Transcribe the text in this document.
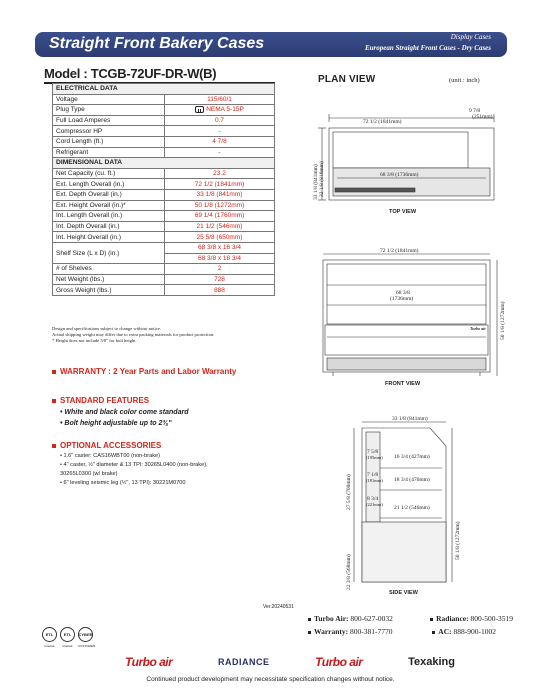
Straight Front Bakery Cases	Display Cases
European Straight Front Cases - Dry Cases
Model : TCGB-72UF-DR-W(B)
ELECTRICAL DATA	
Voltage	115/60/1
Plug Type	NEMA 5-15P
Full Load Amperes	0.7
Compressor HP	-
Cord Length (ft.)	4 7/8
Refrigerant	-
DIMENSIONAL DATA	
Net Capacity (cu. ft.)	23.2
Ext. Length Overall (in.)	72 1/2 (1841mm)
Ext. Depth Overall (in.)	33 1/8 (841mm)
Ext. Height Overall (in.)*	50 1/8 (1272mm)
Int. Length Overall (in.)	69 1/4 (1760mm)
Int. Depth Overall (in.)	21 1/2 (546mm)
Int. Height Overall (in.)	25 5/8 (650mm)
Shelf Size (L x D) (in.)	68 3/8 x 16 3/4
	68 3/8 x 18 3/4
# of Shelves	2
Net Weight (lbs.)	728
Gross Weight (lbs.)	888
Design and specifications subject to change without notice.
Actual shipping weight may differ due to extra packing materials for product protection.
* Height does not include 5/8" for bolt height.
WARRANTY : 2 Year Parts and Labor Warranty
STANDARD FEATURES
• White and black color come standard
• Bolt height adjustable up to 2⅜"
OPTIONAL ACCESSORIES
• 1.6" caster: CAS16WBT00 (non-brake)
• 4" caster, ½" diameter & 13 TPI: 30265L0400 (non-brake),
30265L0300 (w/ brake)
• 6" leveling seismic leg (½", 13 TPI): 30221M0700
PLAN VIEW	(unit : inch)
72 1/2 (1841mm)
9 7/8
(251mm)
68 3/8 (1736mm)
33 1/8 (841mm) 32 1/8 (816mm)
72 1/2 (1841mm)
68 3/8
(1736mm)
Turbo air	50 1/8 (1272mm)
33 1/8 (841mm)
7 5/8
(195mm) 16 3/4 (427mm)
7 1/8
(181mm) 18 3/4 (476mm)
8 3/4
(221mm)
21 1/2 (546mm)
27 5/8 (700mm)
22 3/8 (568mm)
50 1/8 (1272mm)
TOP VIEW
FRONT VIEW
SIDE VIEW
Ver.20240531
ETL	ETL	CYBER
Intertek	Intertek	CUSTOMER
Turbo Air: 800-627-0032	Radiance: 800-500-3519
Warranty: 800-381-7770	AC: 888-900-1002
Turbo air	RADIANCE	Turbo air	Texaking
Continued product development may necessitate specification changes without notice.
